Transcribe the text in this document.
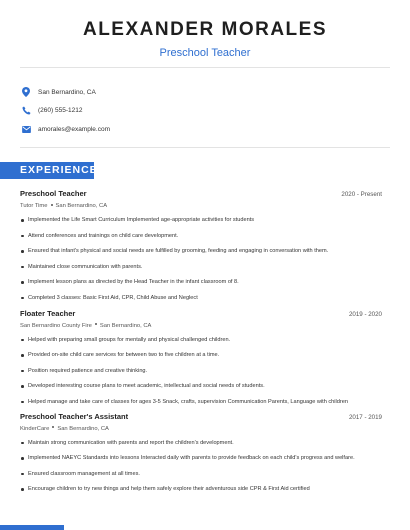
ALEXANDER MORALES
Preschool Teacher
San Bernardino, CA
(260) 555-1212
amorales@example.com
EXPERIENCE
Preschool Teacher	2020 - Present
Tutor Time San Bernardino, CA
Implemented the Life Smart Curriculum Implemented age-appropriate activities for students
Attend conferences and trainings on child care development.
Ensured that infant's physical and social needs are fulfilled by grooming, feeding and engaging in conversation with them.
Maintained close communication with parents.
Implement lesson plans as directed by the Head Teacher in the infant classroom of 8.
Completed 3 classes: Basic First Aid, CPR, Child Abuse and Neglect
Floater Teacher	2019 - 2020
San Bernardino County Fire San Bernardino, CA
Helped with preparing small groups for mentally and physical challenged children.
Provided on-site child care services for between two to five children at a time.
Position required patience and creative thinking.
Developed interesting course plans to meet academic, intellectual and social needs of students.
Helped manage and take care of classes for ages 3-5 Snack, crafts, supervision Communication Parents, Language with children
Preschool Teacher's Assistant	2017 - 2019
KinderCare San Bernardino, CA
Maintain strong communication with parents and report the children's development.
Implemented NAEYC Standards into lessons Interacted daily with parents to provide feedback on each child's progress and welfare.
Ensured classroom management at all times.
Encourage children to try new things and help them safely explore their adventurous side CPR & First Aid certified
